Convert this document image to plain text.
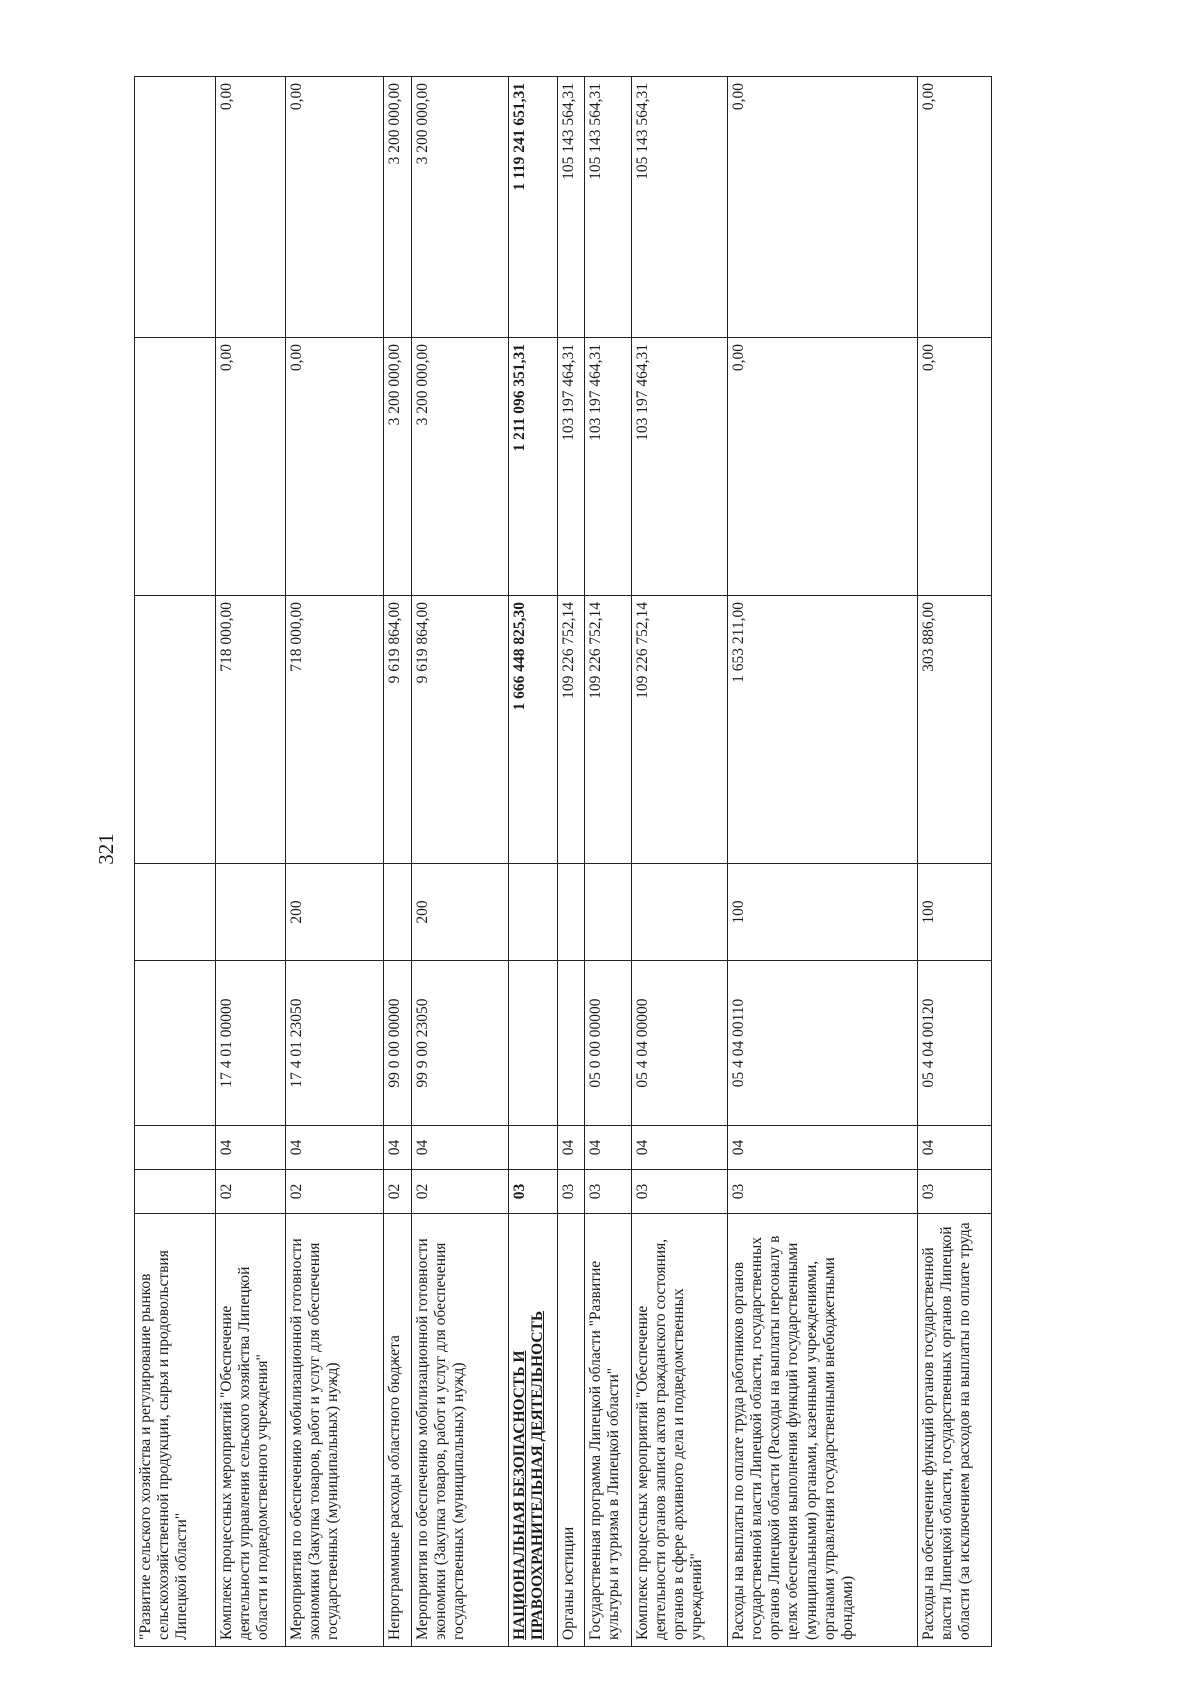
321
"Развитие сельского хозяйства и регулирование рынков сельскохозяйственной продукции, сырья и продовольствия Липецкой области"							
Комплекс процессных мероприятий "Обеспечение деятельности управления сельского хозяйства Липецкой области и подведомственного учреждения"	02	04	17 4 01 00000		718 000,00	0,00	0,00
Мероприятия по обеспечению мобилизационной готовности экономики (Закупка товаров, работ и услуг для обеспечения государственных (муниципальных) нужд)	02	04	17 4 01 23050	200	718 000,00	0,00	0,00
Непрограммные расходы областного бюджета	02	04	99 0 00 00000		9 619 864,00	3 200 000,00	3 200 000,00
Мероприятия по обеспечению мобилизационной готовности экономики (Закупка товаров, работ и услуг для обеспечения государственных (муниципальных) нужд)	02	04	99 9 00 23050	200	9 619 864,00	3 200 000,00	3 200 000,00
НАЦИОНАЛЬНАЯ БЕЗОПАСНОСТЬ И ПРАВООХРАНИТЕЛЬНАЯ ДЕЯТЕЛЬНОСТЬ	03				1 666 448 825,30	1 211 096 351,31	1 119 241 651,31
Органы юстиции	03	04			109 226 752,14	103 197 464,31	105 143 564,31
Государственная программа Липецкой области "Развитие культуры и туризма в Липецкой области"	03	04	05 0 00 00000		109 226 752,14	103 197 464,31	105 143 564,31
Комплекс процессных мероприятий "Обеспечение деятельности органов записи актов гражданского состояния, органов в сфере архивного дела и подведомственных учреждений"	03	04	05 4 04 00000		109 226 752,14	103 197 464,31	105 143 564,31
Расходы на выплаты по оплате труда работников органов государственной власти Липецкой области, государственных органов Липецкой области (Расходы на выплаты персоналу в целях обеспечения выполнения функций государственными (муниципальными) органами, казенными учреждениями, органами управления государственными внебюджетными фондами)	03	04	05 4 04 00110	100	1 653 211,00	0,00	0,00
Расходы на обеспечение функций органов государственной власти Липецкой области, государственных органов Липецкой области (за исключением расходов на выплаты по оплате труда	03	04	05 4 04 00120	100	303 886,00	0,00	0,00
